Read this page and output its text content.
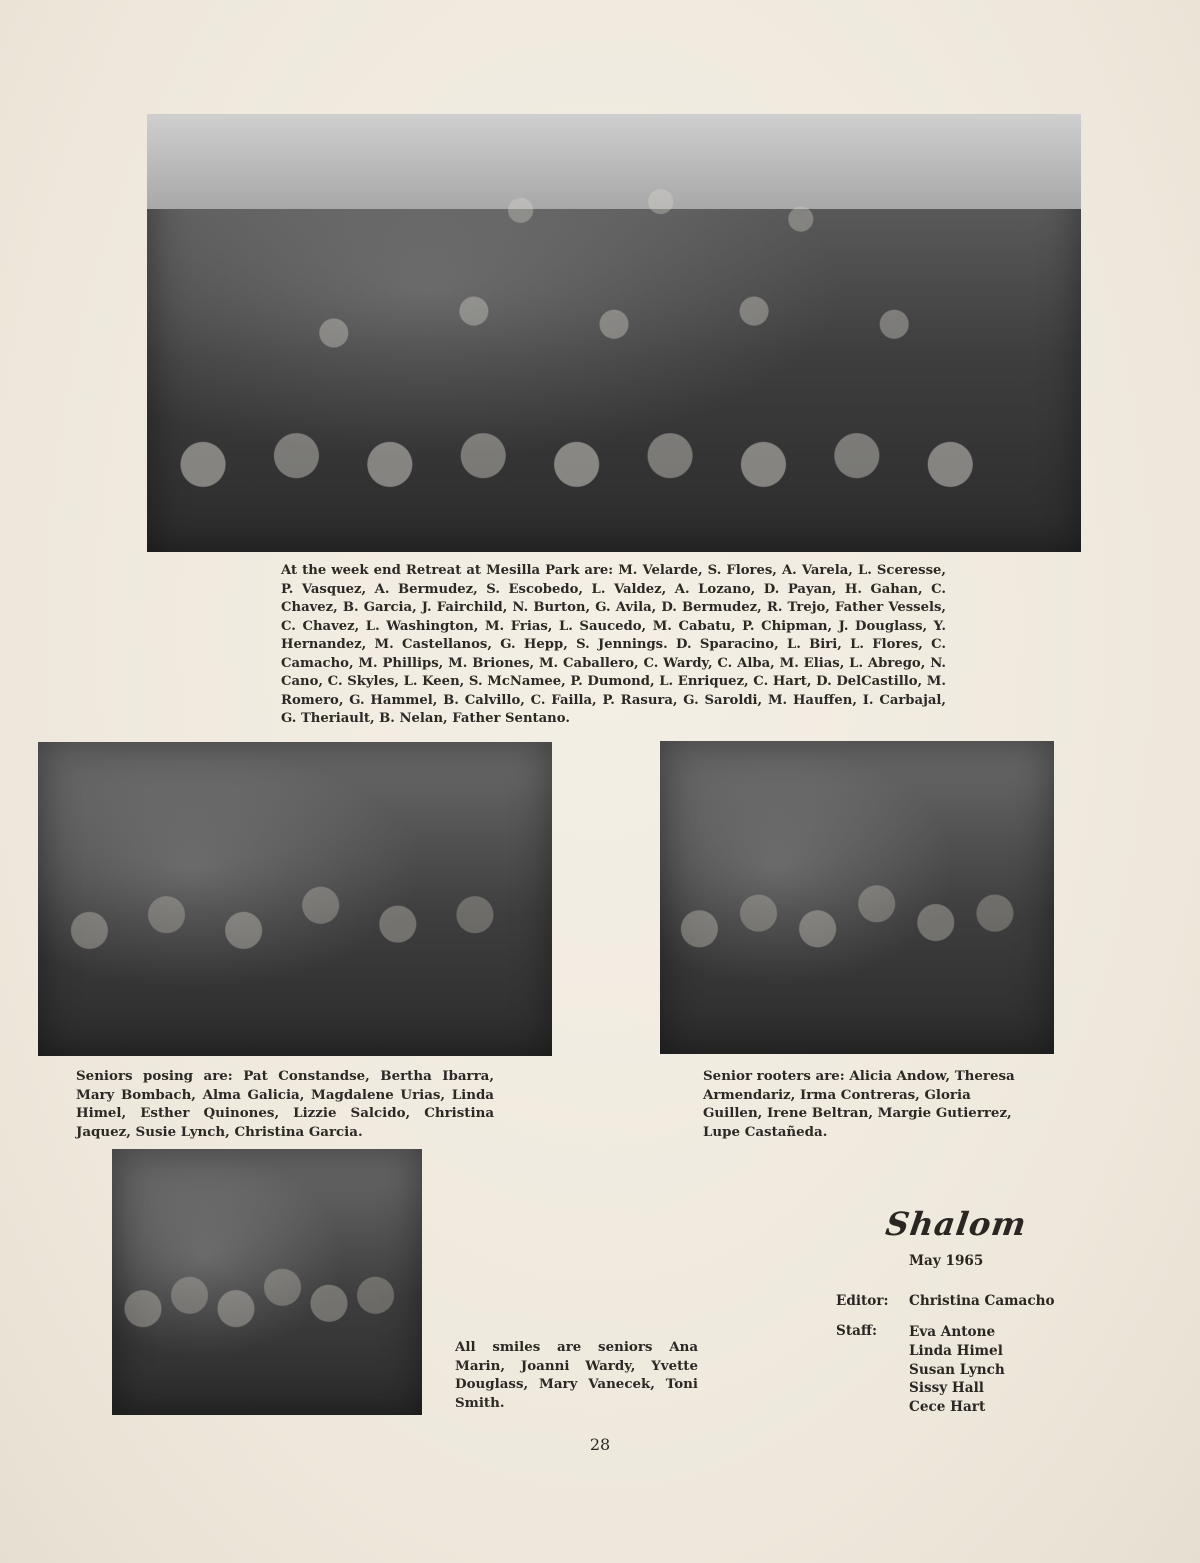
At the week end Retreat at Mesilla Park are: M. Velarde, S. Flores, A. Varela, L. Sceresse, P. Vasquez, A. Bermudez, S. Escobedo, L. Valdez, A. Lozano, D. Payan, H. Gahan, C. Chavez, B. Garcia, J. Fairchild, N. Burton, G. Avila, D. Bermudez, R. Trejo, Father Vessels, C. Chavez, L. Washington, M. Frias, L. Saucedo, M. Cabatu, P. Chipman, J. Douglass, Y. Hernandez, M. Castellanos, G. Hepp, S. Jennings. D. Sparacino, L. Biri, L. Flores, C. Camacho, M. Phillips, M. Briones, M. Caballero, C. Wardy, C. Alba, M. Elias, L. Abrego, N. Cano, C. Skyles, L. Keen, S. McNamee, P. Dumond, L. Enriquez, C. Hart, D. DelCastillo, M. Romero, G. Hammel, B. Calvillo, C. Failla, P. Rasura, G. Saroldi, M. Hauffen, I. Carbajal, G. Theriault, B. Nelan, Father Sentano.

Seniors posing are: Pat Constandse, Bertha Ibarra, Mary Bombach, Alma Galicia, Magdalene Urias, Linda Himel, Esther Quinones, Lizzie Salcido, Christina Jaquez, Susie Lynch, Christina Garcia.

Senior rooters are: Alicia Andow, Theresa Armendariz, Irma Contreras, Gloria Guillen, Irene Beltran, Margie Gutierrez, Lupe Castañeda.

All smiles are seniors Ana Marin, Joanni Wardy, Yvette Douglass, Mary Vanecek, Toni Smith.

Shalom
May 1965
Editor: Christina Camacho
Staff: Eva Antone
Linda Himel
Susan Lynch
Sissy Hall
Cece Hart
28
